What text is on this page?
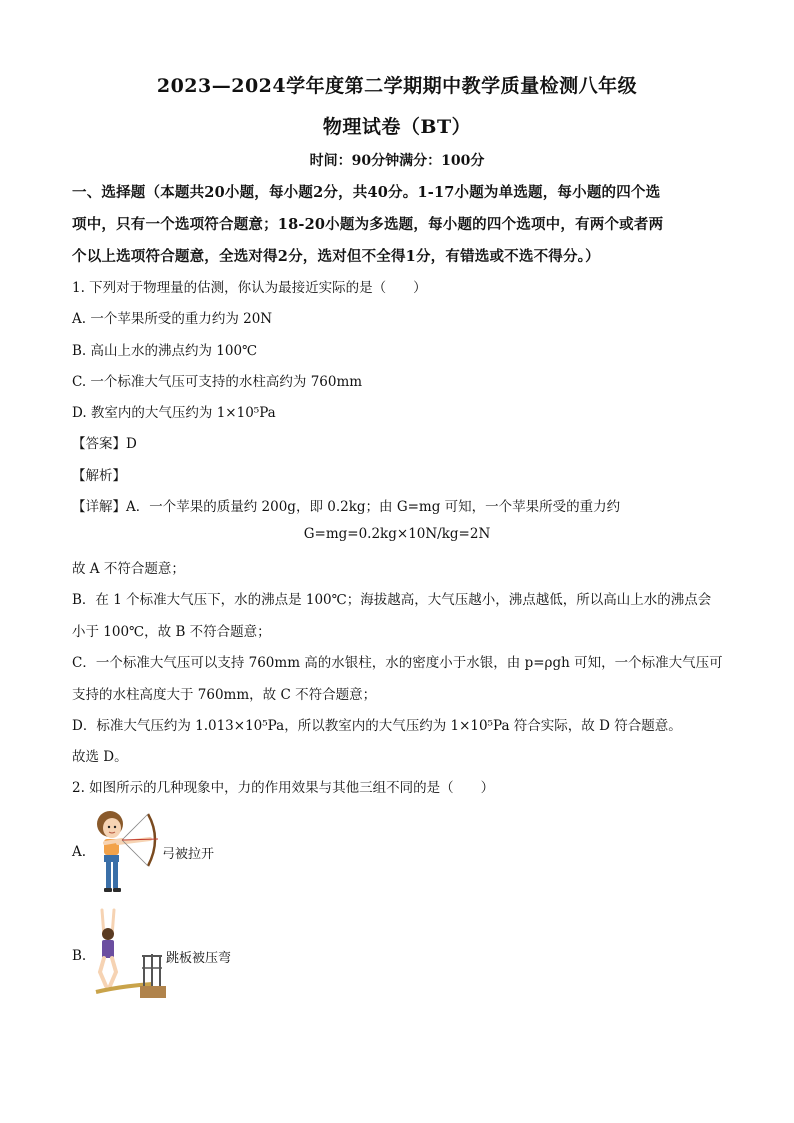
2023—2024学年度第二学期期中教学质量检测八年级
物理试卷（BT）
时间：90分钟满分：100分
一、选择题（本题共20小题，每小题2分，共40分。1-17小题为单选题，每小题的四个选
项中，只有一个选项符合题意；18-20小题为多选题，每小题的四个选项中，有两个或者两
个以上选项符合题意，全选对得2分，选对但不全得1分，有错选或不选不得分。）
1. 下列对于物理量的估测，你认为最接近实际的是（　　）
A. 一个苹果所受的重力约为 20N
B. 高山上水的沸点约为 100℃
C. 一个标准大气压可支持的水柱高约为 760mm
D. 教室内的大气压约为 1×10⁵Pa
【答案】D
【解析】
【详解】A．一个苹果的质量约 200g，即 0.2kg；由 G=mg 可知，一个苹果所受的重力约
G=mg=0.2kg×10N/kg=2N
故 A 不符合题意；
B．在 1 个标准大气压下，水的沸点是 100℃；海拔越高，大气压越小，沸点越低，所以高山上水的沸点会
小于 100℃，故 B 不符合题意；
C．一个标准大气压可以支持 760mm 高的水银柱，水的密度小于水银，由 p=ρgh 可知，一个标准大气压可
支持的水柱高度大于 760mm，故 C 不符合题意；
D．标准大气压约为 1.013×10⁵Pa，所以教室内的大气压约为 1×10⁵Pa 符合实际，故 D 符合题意。
故选 D。
2. 如图所示的几种现象中，力的作用效果与其他三组不同的是（　　）
A.	弓被拉开
B.	跳板被压弯
